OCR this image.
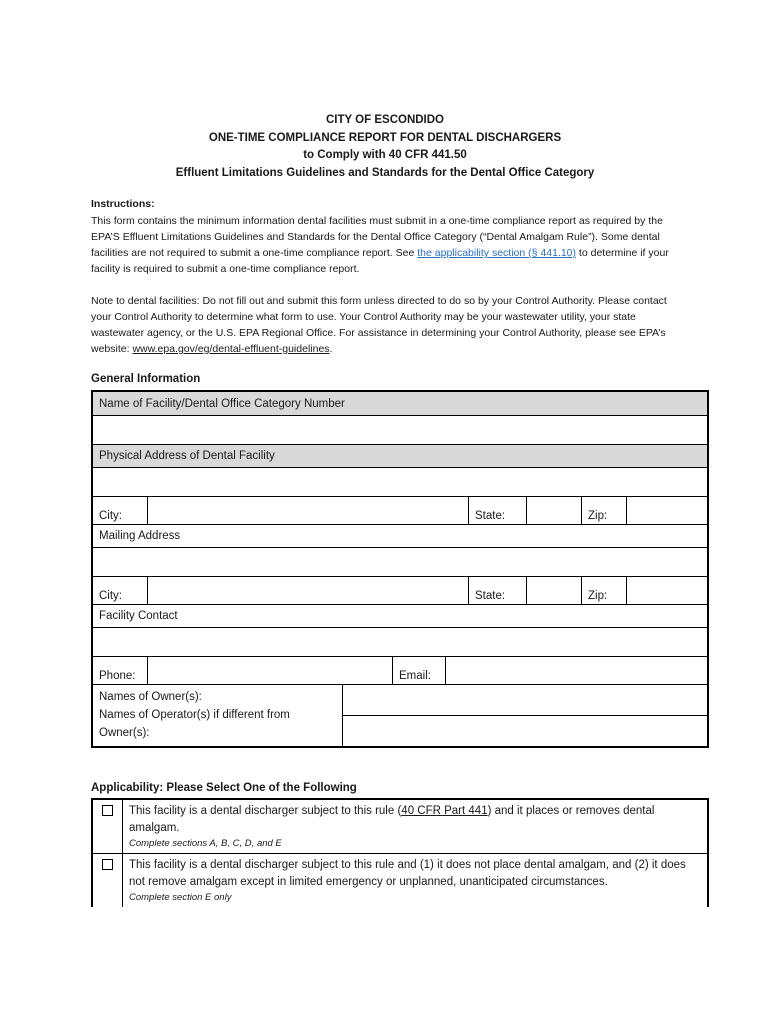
CITY OF ESCONDIDO
ONE-TIME COMPLIANCE REPORT FOR DENTAL DISCHARGERS
to Comply with 40 CFR 441.50
Effluent Limitations Guidelines and Standards for the Dental Office Category
Instructions:
This form contains the minimum information dental facilities must submit in a one-time compliance report as required by the EPA’S Effluent Limitations Guidelines and Standards for the Dental Office Category (“Dental Amalgam Rule”). Some dental facilities are not required to submit a one-time compliance report. See the applicability section (§ 441.10) to determine if your facility is required to submit a one-time compliance report.
Note to dental facilities: Do not fill out and submit this form unless directed to do so by your Control Authority. Please contact your Control Authority to determine what form to use. Your Control Authority may be your wastewater utility, your state wastewater agency, or the U.S. EPA Regional Office. For assistance in determining your Control Authority, please see EPA’s website: www.epa.gov/eg/dental-effluent-guidelines.
General Information
Name of Facility/Dental Office Category Number
Physical Address of Dental Facility
City:	State:	Zip:
Mailing Address
City:	State:	Zip:
Facility Contact
Phone:	Email:
Names of Owner(s):
Names of Operator(s) if different from Owner(s):
Applicability: Please Select One of the Following
This facility is a dental discharger subject to this rule (40 CFR Part 441) and it places or removes dental amalgam.
Complete sections A, B, C, D, and E
This facility is a dental discharger subject to this rule and (1) it does not place dental amalgam, and (2) it does not remove amalgam except in limited emergency or unplanned, unanticipated circumstances.
Complete section E only
